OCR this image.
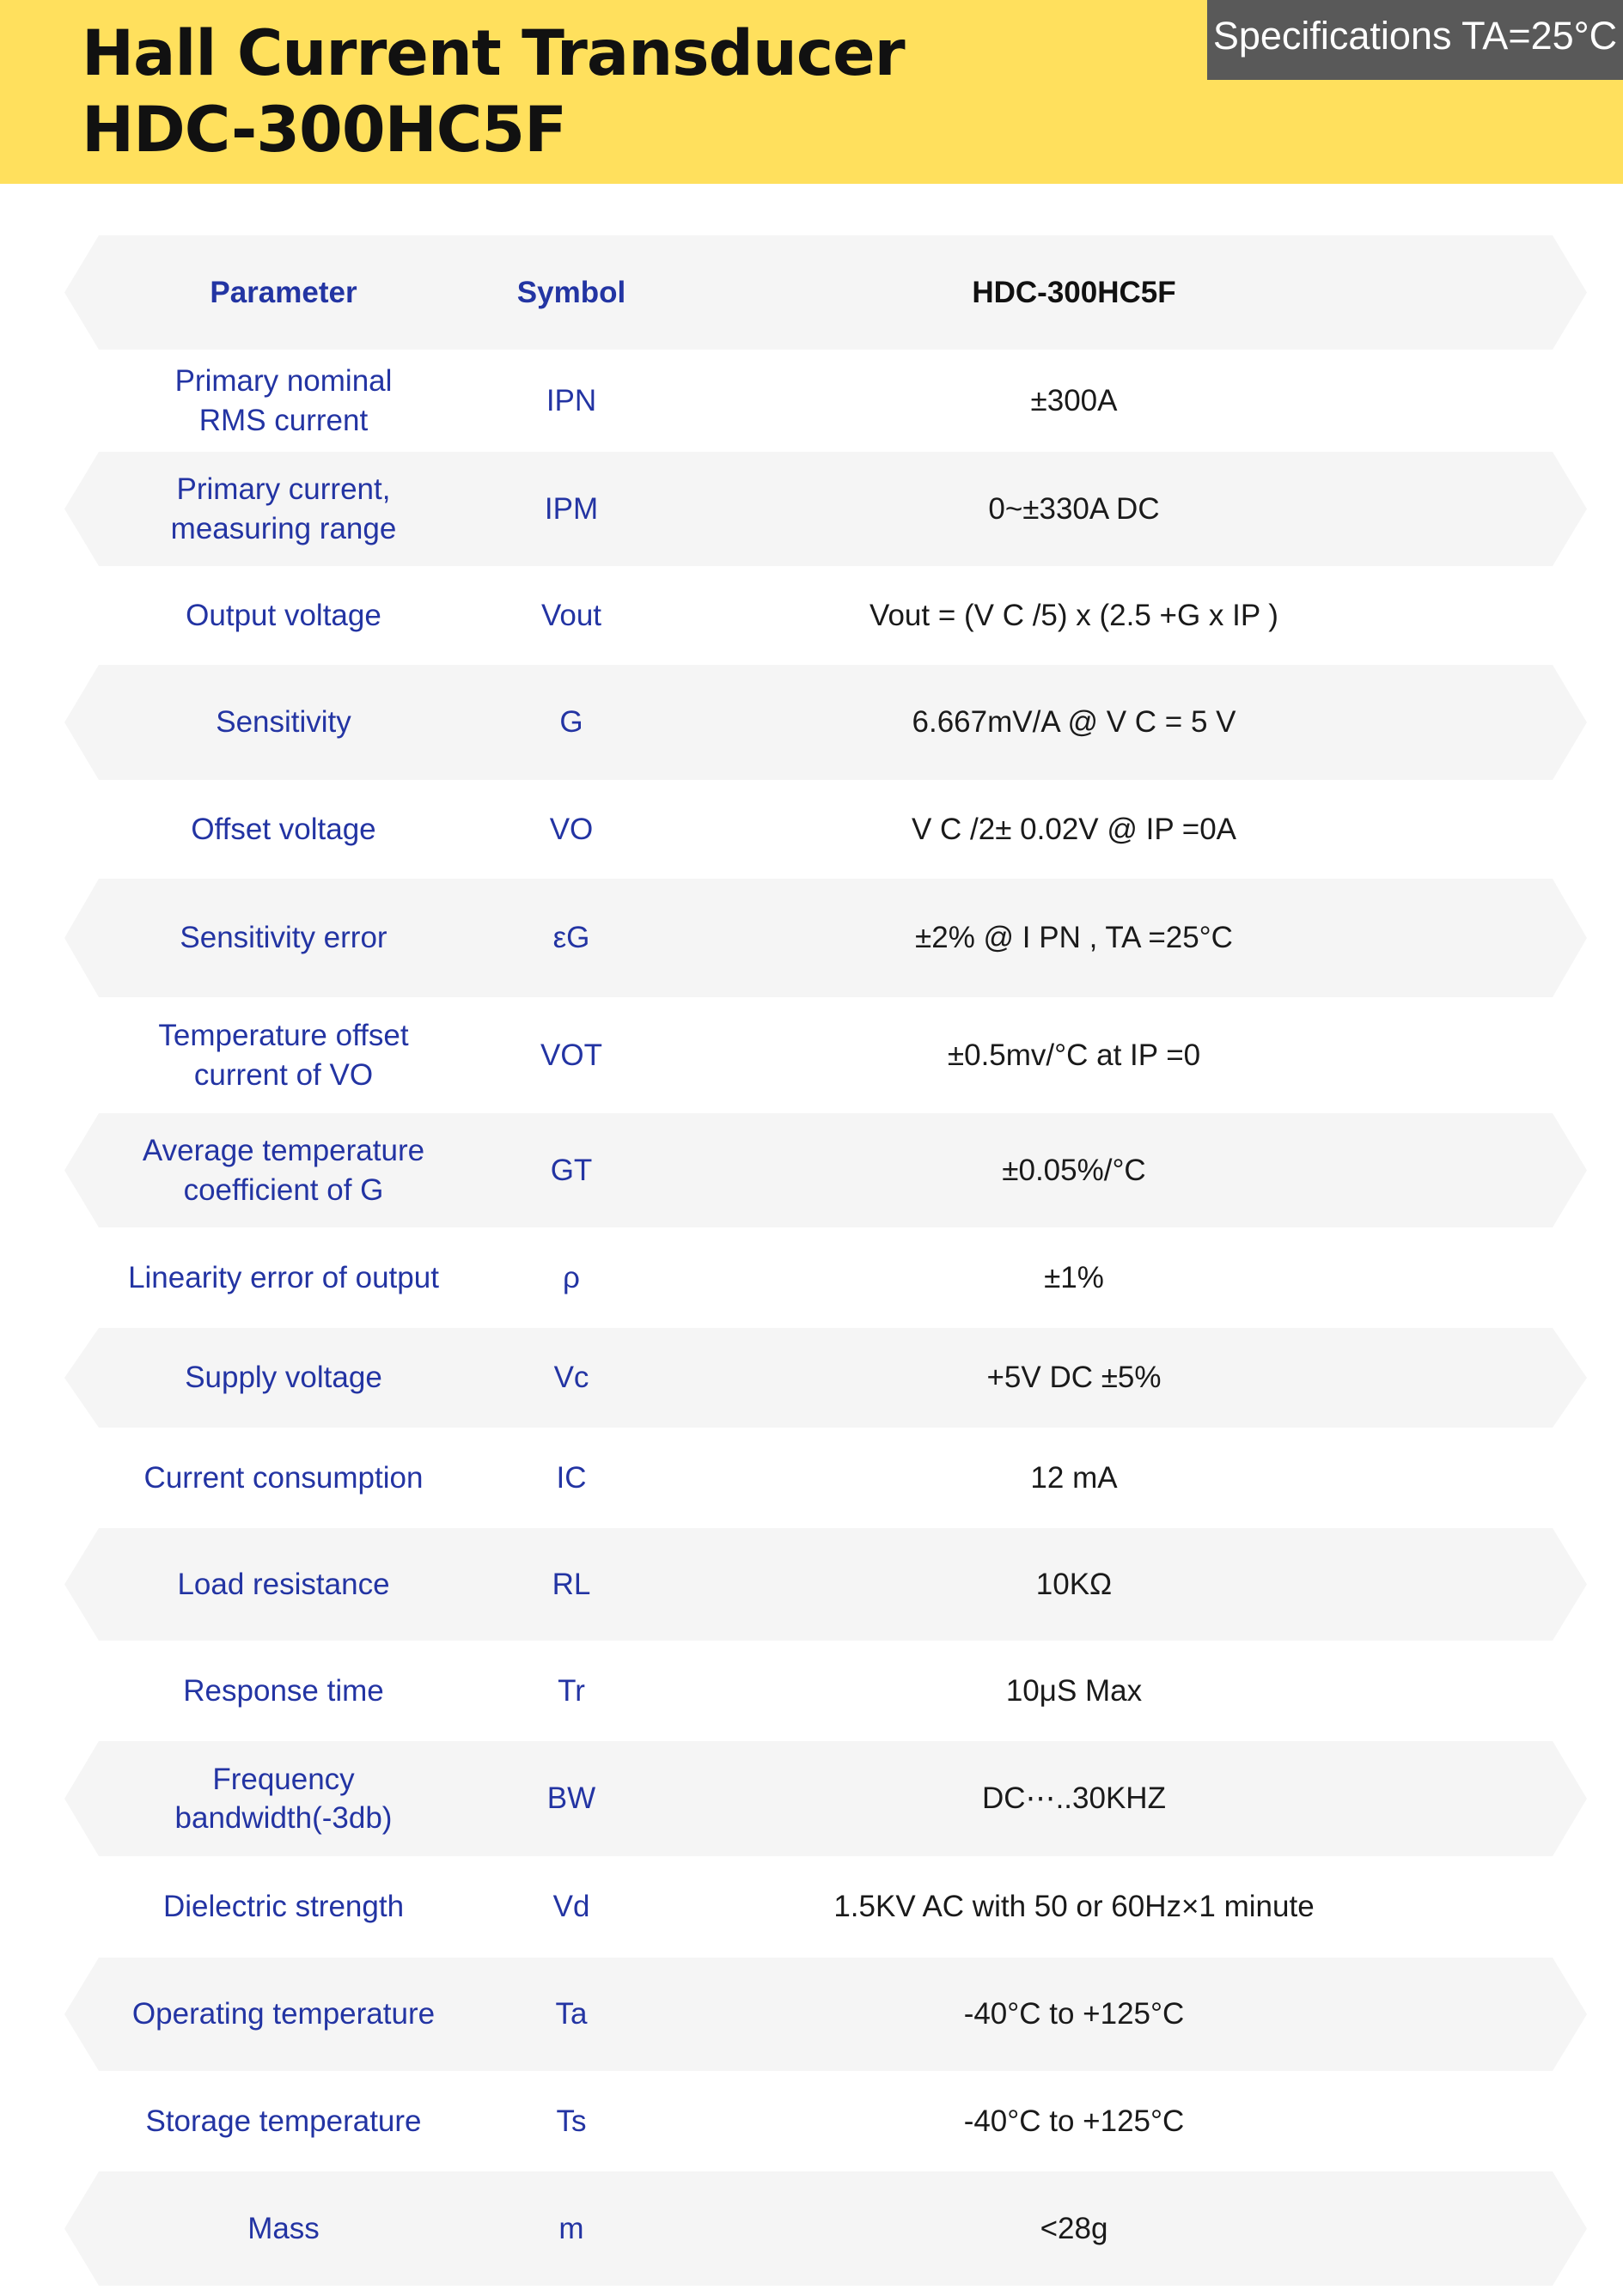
Hall Current Transducer
HDC-300HC5F
Specifications TA=25°C
Parameter	Symbol	HDC-300HC5F
Primary nominal
RMS current
IPN	±300A
Primary current,
measuring range
IPM	0~±330A DC
Output voltage	Vout	Vout = (V C /5) x (2.5 +G x IP )
Sensitivity	G	6.667mV/A @ V C = 5 V
Offset voltage	VO	V C /2± 0.02V @ IP =0A
Sensitivity error	εG	±2% @ I PN , TA =25°C
Temperature offset
current of VO
VOT	±0.5mv/°C at IP =0
Average temperature
coefficient of G
GT	±0.05%/°C
Linearity error of output	ρ	±1%
Supply voltage	Vc	+5V DC ±5%
Current consumption	IC	12 mA
Load resistance	RL	10KΩ
Response time	Tr	10μS Max
Frequency bandwidth(-3db)
BW	DC⋯..30KHZ
Dielectric strength	Vd	1.5KV AC with 50 or 60Hz×1 minute
Operating temperature	Ta	-40°C to +125°C
Storage temperature	Ts	-40°C to +125°C
Mass	m	<28g
